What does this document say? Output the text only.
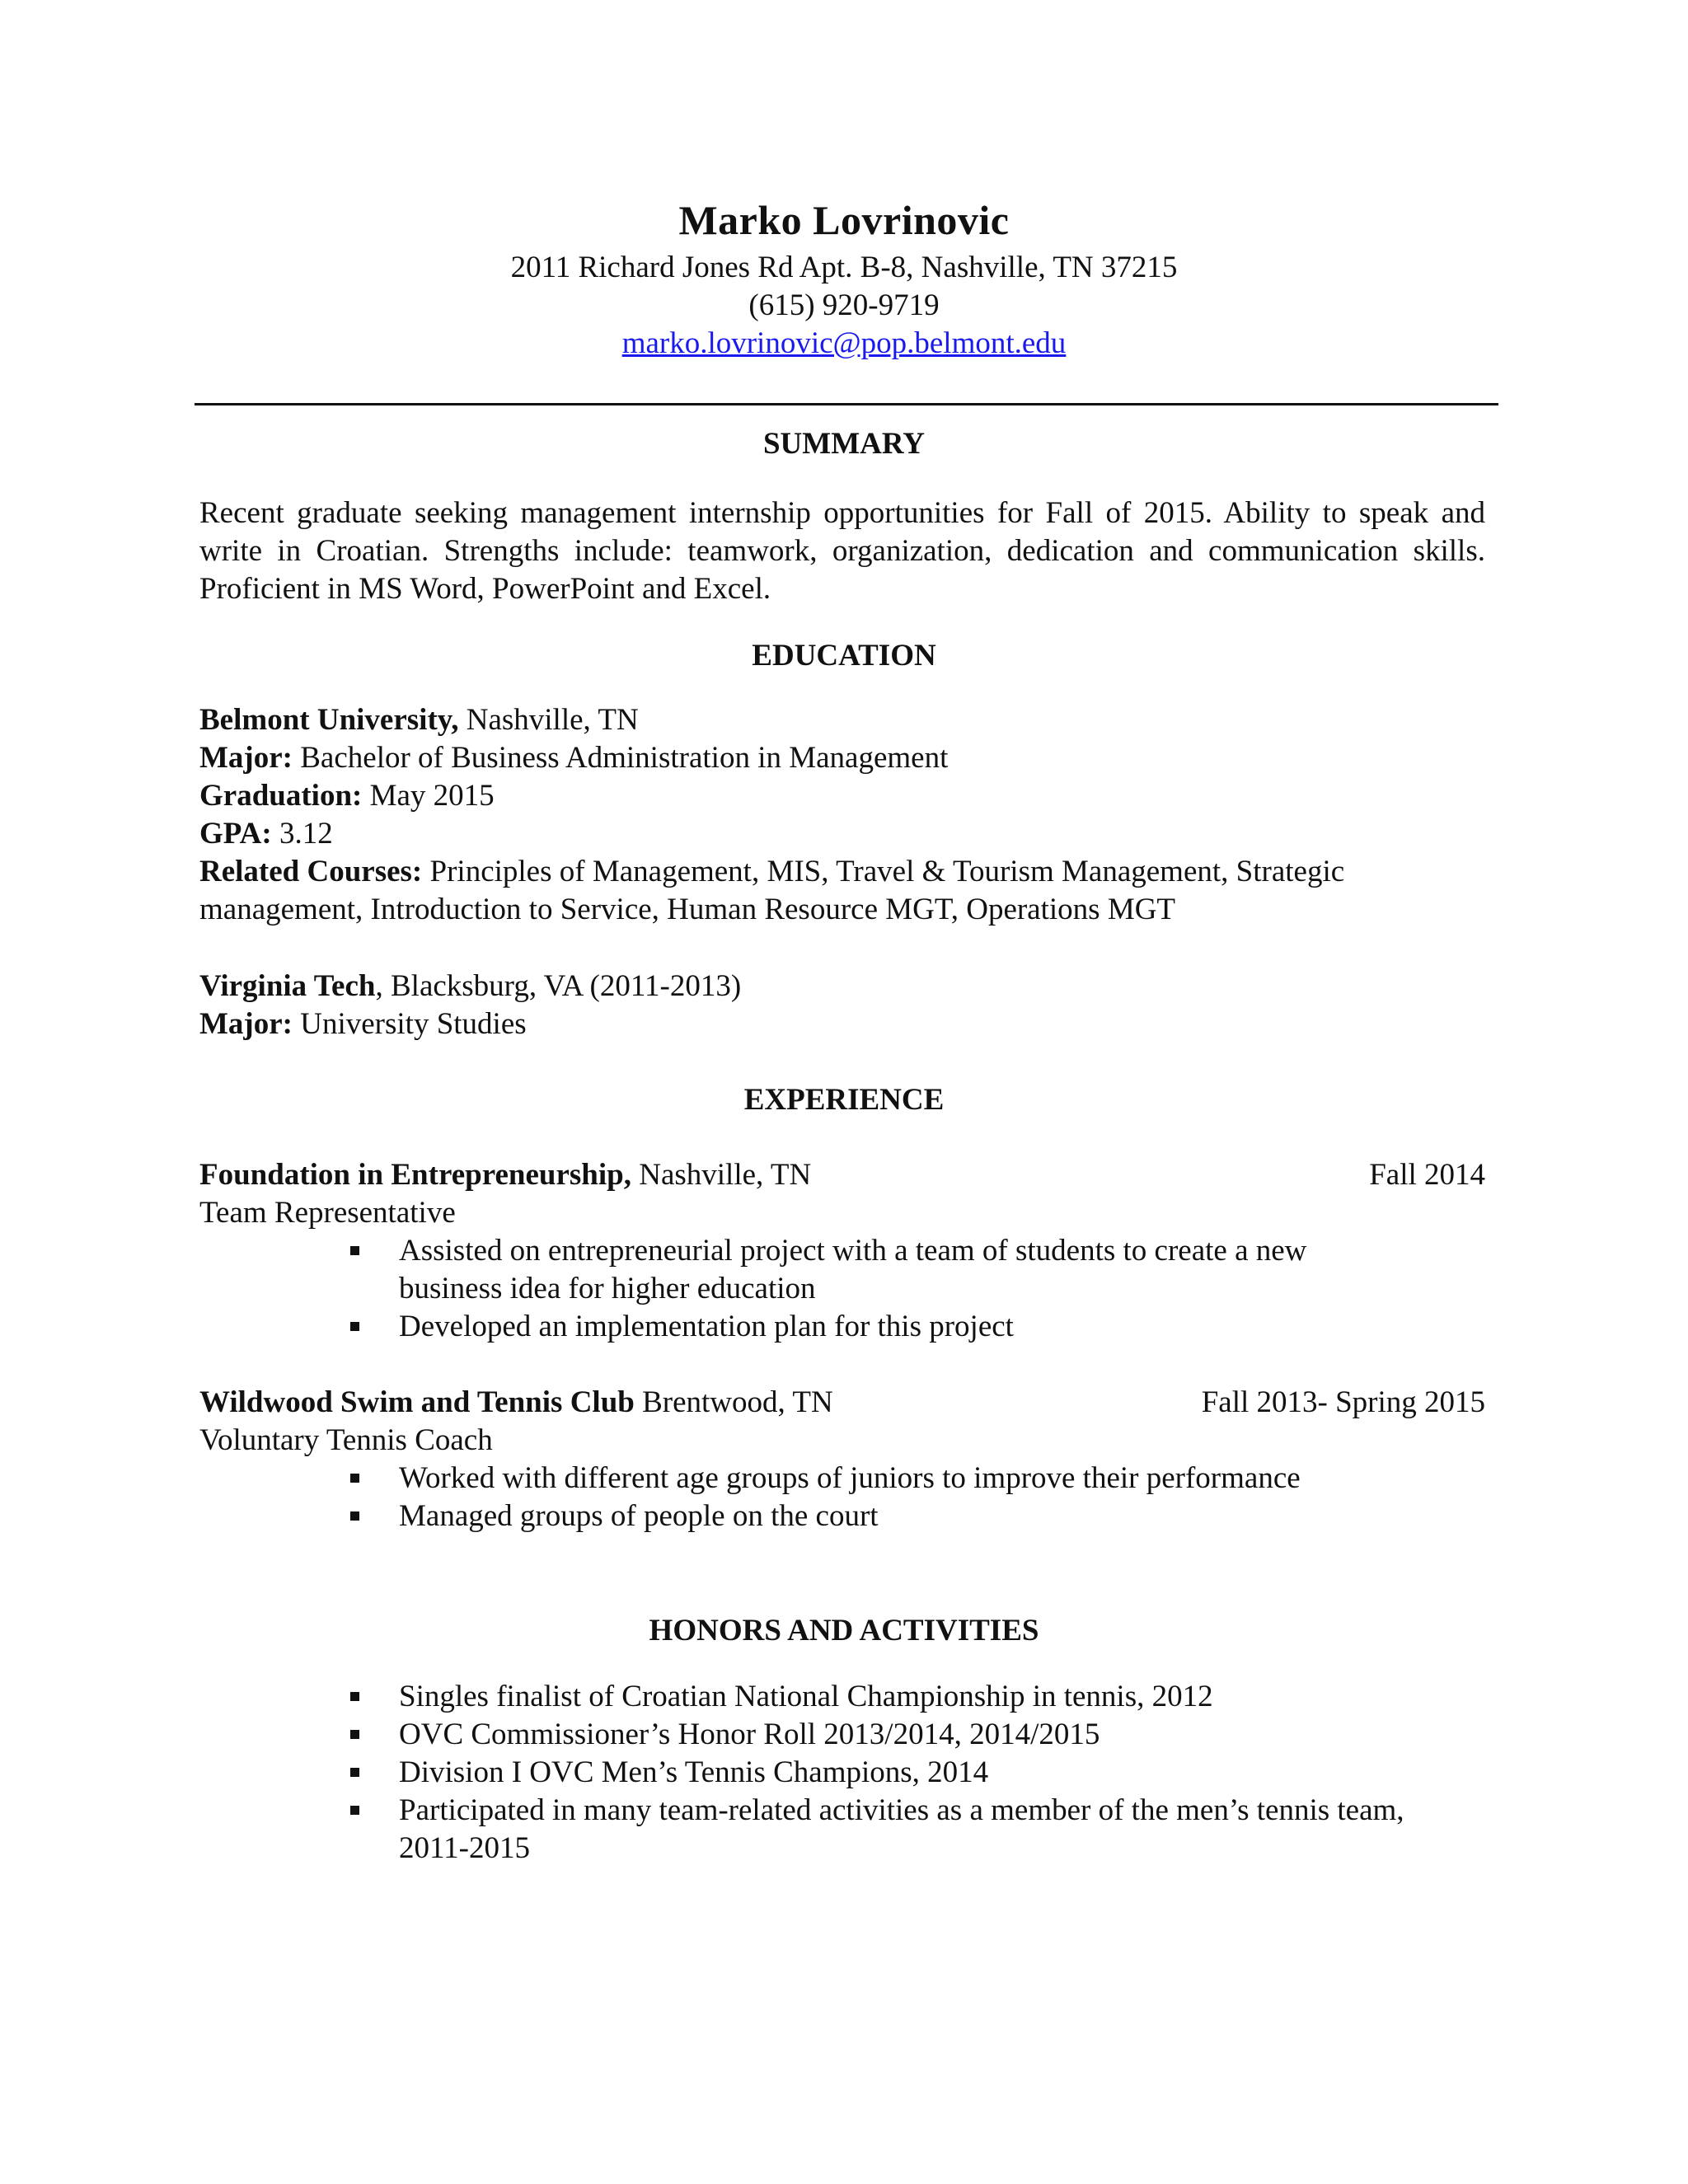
Marko Lovrinovic
2011 Richard Jones Rd Apt. B-8, Nashville, TN 37215
(615) 920-9719
marko.lovrinovic@pop.belmont.edu
SUMMARY
Recent graduate seeking management internship opportunities for Fall of 2015. Ability to speak and write in Croatian. Strengths include: teamwork, organization, dedication and communication skills. Proficient in MS Word, PowerPoint and Excel.
EDUCATION
Belmont University, Nashville, TN
Major: Bachelor of Business Administration in Management
Graduation: May 2015
GPA: 3.12
Related Courses: Principles of Management, MIS, Travel & Tourism Management, Strategic management, Introduction to Service, Human Resource MGT, Operations MGT
Virginia Tech, Blacksburg, VA (2011-2013)
Major: University Studies
EXPERIENCE
Foundation in Entrepreneurship, Nashville, TN	Fall 2014
Team Representative
Assisted on entrepreneurial project with a team of students to create a new business idea for higher education
Developed an implementation plan for this project
Wildwood Swim and Tennis Club Brentwood, TN	Fall 2013- Spring 2015
Voluntary Tennis Coach
Worked with different age groups of juniors to improve their performance
Managed groups of people on the court
HONORS AND ACTIVITIES
Singles finalist of Croatian National Championship in tennis, 2012
OVC Commissioner’s Honor Roll 2013/2014, 2014/2015
Division I OVC Men’s Tennis Champions, 2014
Participated in many team-related activities as a member of the men’s tennis team, 2011-2015
